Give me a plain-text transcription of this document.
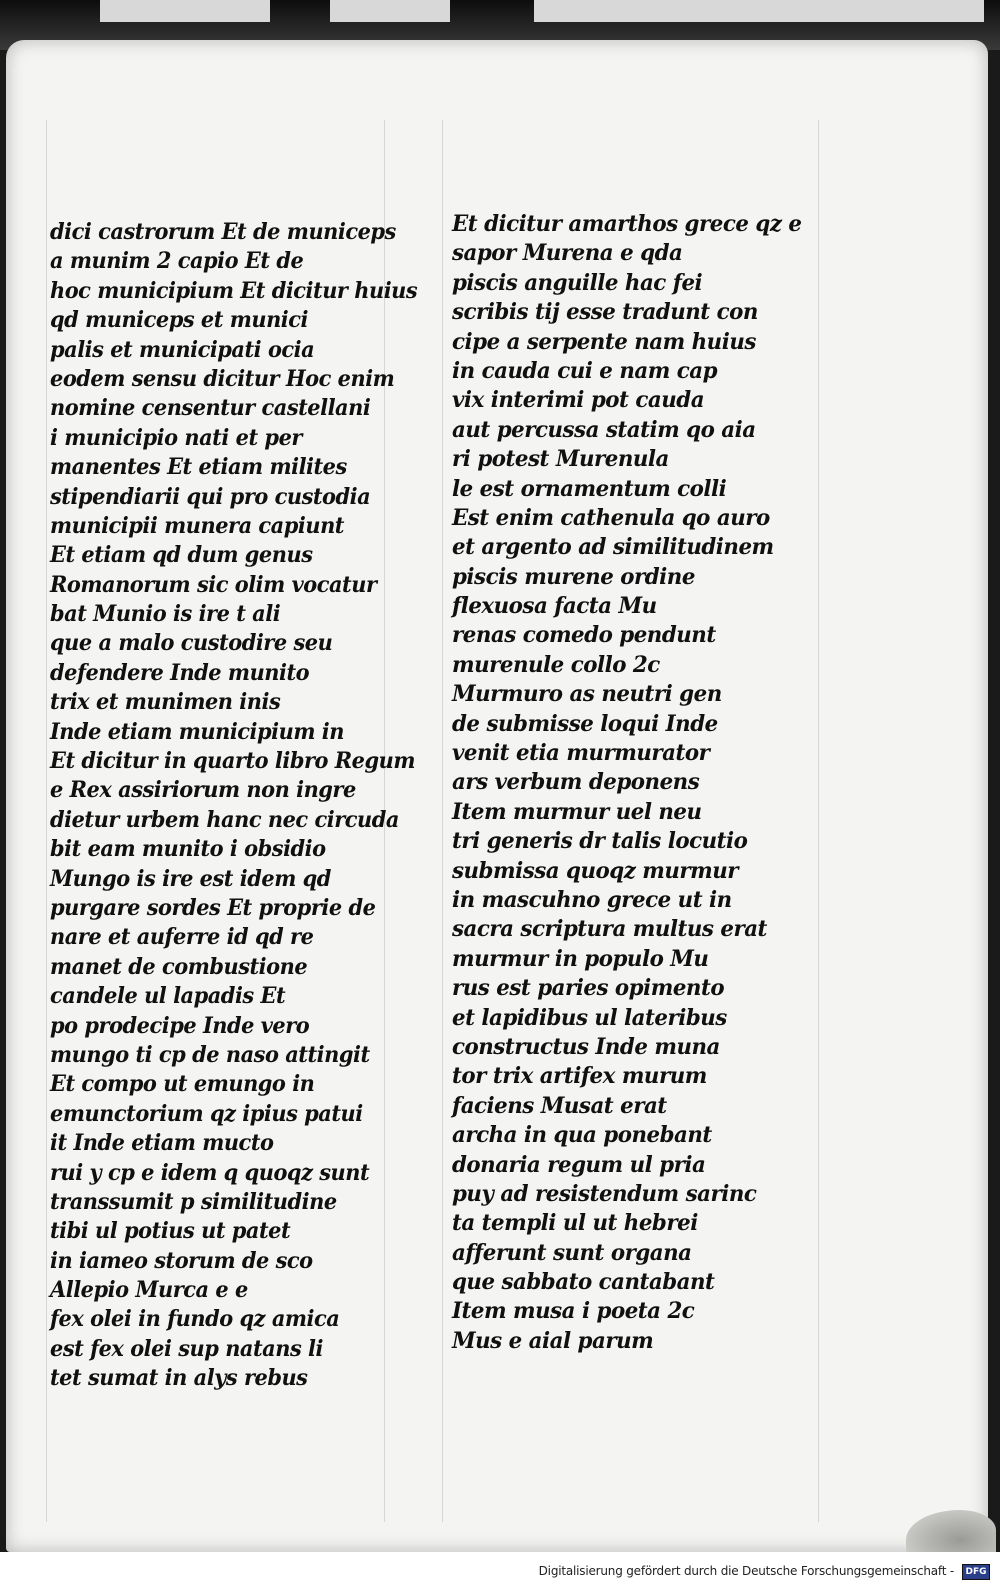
dici castrorum Et de municeps
a munim 2 capio Et de
hoc municipium Et dicitur huius
qd municeps et munici
palis et municipati ocia
eodem sensu dicitur Hoc enim
nomine censentur castellani
i municipio nati et per
manentes Et etiam milites
stipendiarii qui pro custodia
municipii munera capiunt
Et etiam qd dum genus
Romanorum sic olim vocatur
bat Munio is ire t ali
que a malo custodire seu
defendere Inde munito
trix et munimen inis
Inde etiam municipium in
Et dicitur in quarto libro Regum
e Rex assiriorum non ingre
dietur urbem hanc nec circuda
bit eam munito i obsidio
Mungo is ire est idem qd
purgare sordes Et proprie de
nare et auferre id qd re
manet de combustione
candele ul lapadis Et
po prodecipe Inde vero
mungo ti cp de naso attingit
Et compo ut emungo in
emunctorium qz ipius patui
it Inde etiam mucto
rui y cp e idem q quoqz sunt
transsumit p similitudine
tibi ul potius ut patet
in iameo storum de sco
Allepio Murca e e
fex olei in fundo qz amica
est fex olei sup natans li
tet sumat in alys rebus
Et dicitur amarthos grece qz e
sapor Murena e qda
piscis anguille hac fei
scribis tij esse tradunt con
cipe a serpente nam huius
in cauda cui e nam cap
vix interimi pot cauda
aut percussa statim qo aia
ri potest Murenula
le est ornamentum colli
Est enim cathenula qo auro
et argento ad similitudinem
piscis murene ordine
flexuosa facta Mu
renas comedo pendunt
murenule collo 2c
Murmuro as neutri gen
de submisse loqui Inde
venit etia murmurator
ars verbum deponens
Item murmur uel neu
tri generis dr talis locutio
submissa quoqz murmur
in mascuhno grece ut in
sacra scriptura multus erat
murmur in populo Mu
rus est paries opimento
et lapidibus ul lateribus
constructus Inde muna
tor trix artifex murum
faciens Musat erat
archa in qua ponebant
donaria regum ul pria
puy ad resistendum sarinc
ta templi ul ut hebrei
afferunt sunt organa
que sabbato cantabant
Item musa i poeta 2c
Mus e aial parum
Digitalisierung gefördert durch die Deutsche Forschungsgemeinschaft -	DFG
